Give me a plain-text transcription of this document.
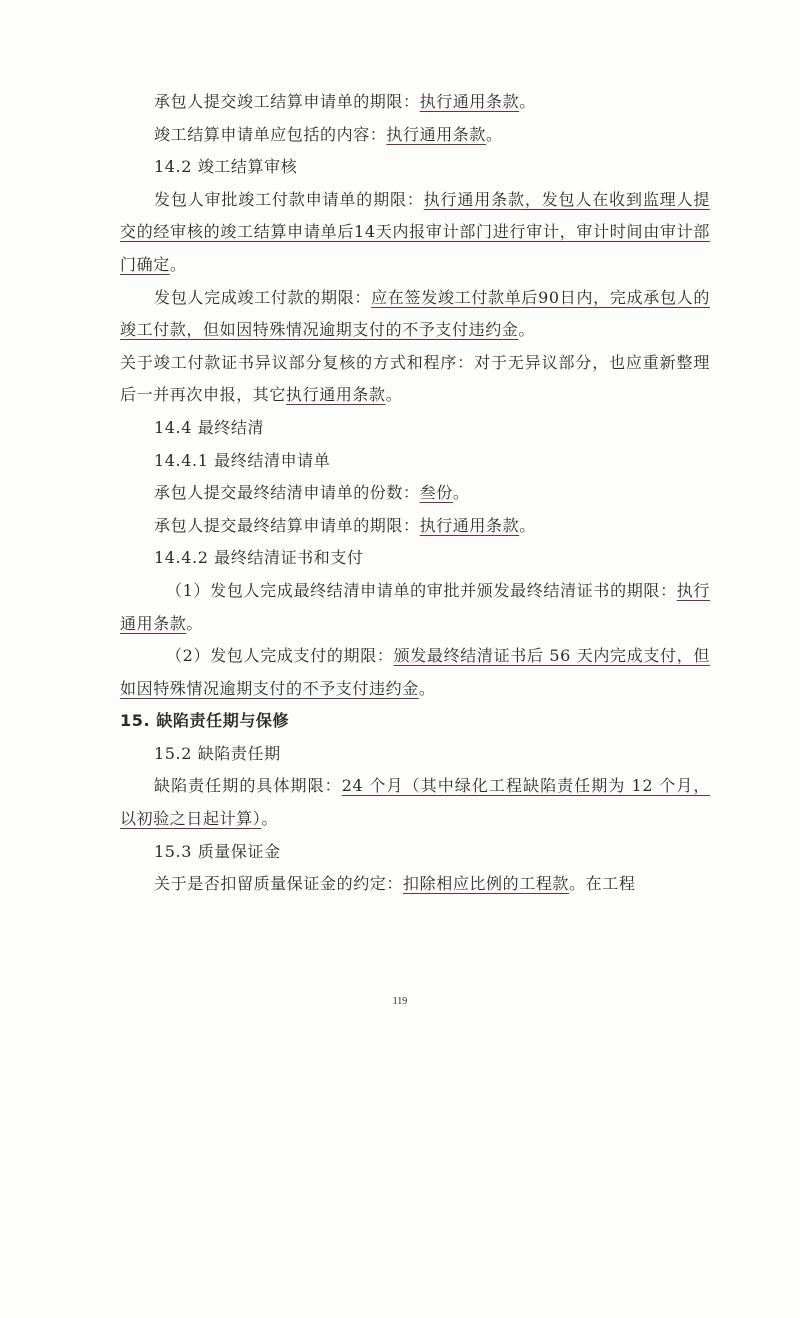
承包人提交竣工结算申请单的期限：执行通用条款。

竣工结算申请单应包括的内容：执行通用条款。

14.2 竣工结算审核

发包人审批竣工付款申请单的期限：执行通用条款，发包人在收到监理人提交的经审核的竣工结算申请单后14天内报审计部门进行审计，审计时间由审计部门确定。

发包人完成竣工付款的期限：应在签发竣工付款单后90日内，完成承包人的竣工付款，但如因特殊情况逾期支付的不予支付违约金。

关于竣工付款证书异议部分复核的方式和程序：对于无异议部分，也应重新整理后一并再次申报，其它执行通用条款。

14.4 最终结清

14.4.1 最终结清申请单

承包人提交最终结清申请单的份数：叁份。

承包人提交最终结算申请单的期限：执行通用条款。

14.4.2 最终结清证书和支付

（1）发包人完成最终结清申请单的审批并颁发最终结清证书的期限：执行通用条款。

（2）发包人完成支付的期限：颁发最终结清证书后 56 天内完成支付，但如因特殊情况逾期支付的不予支付违约金。

15. 缺陷责任期与保修

15.2 缺陷责任期

缺陷责任期的具体期限：24 个月（其中绿化工程缺陷责任期为 12 个月，以初验之日起计算）。

15.3 质量保证金

关于是否扣留质量保证金的约定：扣除相应比例的工程款。在工程

119
